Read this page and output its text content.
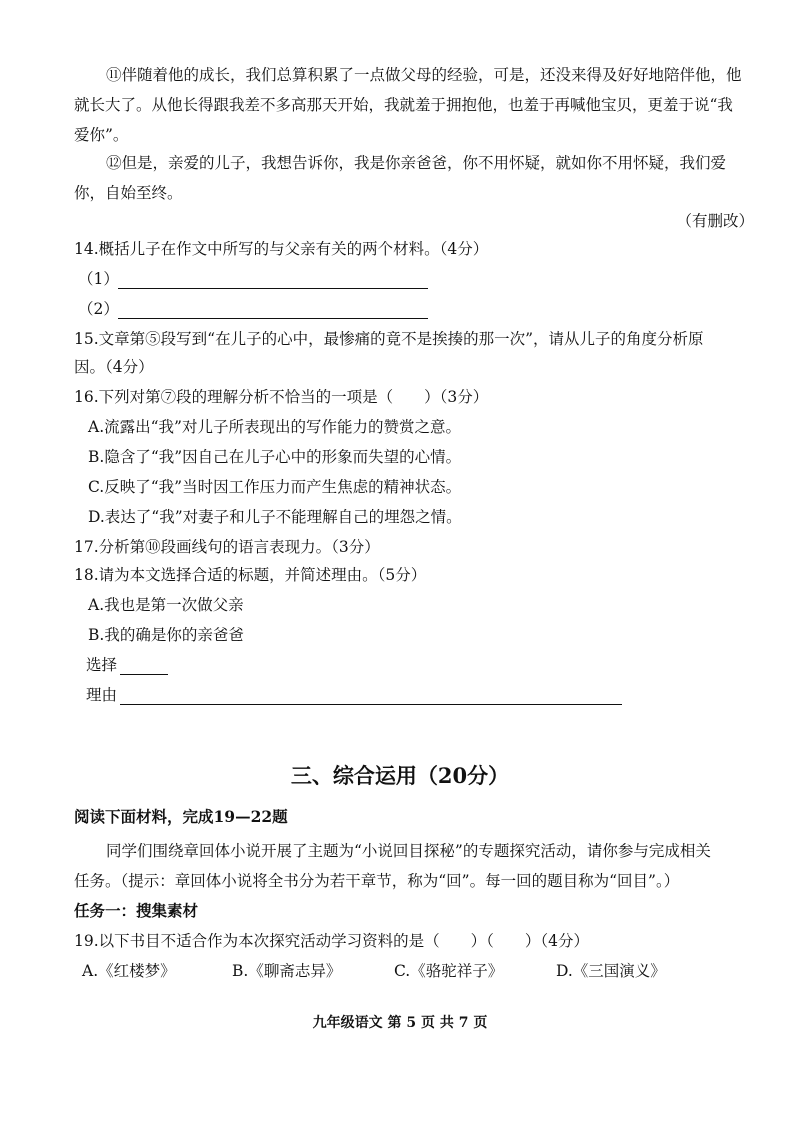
⑪伴随着他的成长，我们总算积累了一点做父母的经验，可是，还没来得及好好地陪伴他，他
就长大了。从他长得跟我差不多高那天开始，我就羞于拥抱他，也羞于再喊他宝贝，更羞于说“我
爱你”。
⑫但是，亲爱的儿子，我想告诉你，我是你亲爸爸，你不用怀疑，就如你不用怀疑，我们爱
你，自始至终。
（有删改）
14.概括儿子在作文中所写的与父亲有关的两个材料。（4分）
（1）
（2）
15.文章第⑤段写到“在儿子的心中，最惨痛的竟不是挨揍的那一次”，请从儿子的角度分析原
因。（4分）
16.下列对第⑦段的理解分析不恰当的一项是（　　）（3分）
A.流露出“我”对儿子所表现出的写作能力的赞赏之意。
B.隐含了“我”因自己在儿子心中的形象而失望的心情。
C.反映了“我”当时因工作压力而产生焦虑的精神状态。
D.表达了“我”对妻子和儿子不能理解自己的埋怨之情。
17.分析第⑩段画线句的语言表现力。（3分）
18.请为本文选择合适的标题，并简述理由。（5分）
A.我也是第一次做父亲
B.我的确是你的亲爸爸
选择
理由
三、综合运用（20分）
阅读下面材料，完成19—22题
同学们围绕章回体小说开展了主题为“小说回目探秘”的专题探究活动，请你参与完成相关
任务。（提示：章回体小说将全书分为若干章节，称为“回”。每一回的题目称为“回目”。）
任务一：搜集素材
19.以下书目不适合作为本次探究活动学习资料的是（　　）（　　）（4分）
A.《红楼梦》	B.《聊斋志异》	C.《骆驼祥子》	D.《三国演义》
九年级语文 第 5 页 共 7 页
